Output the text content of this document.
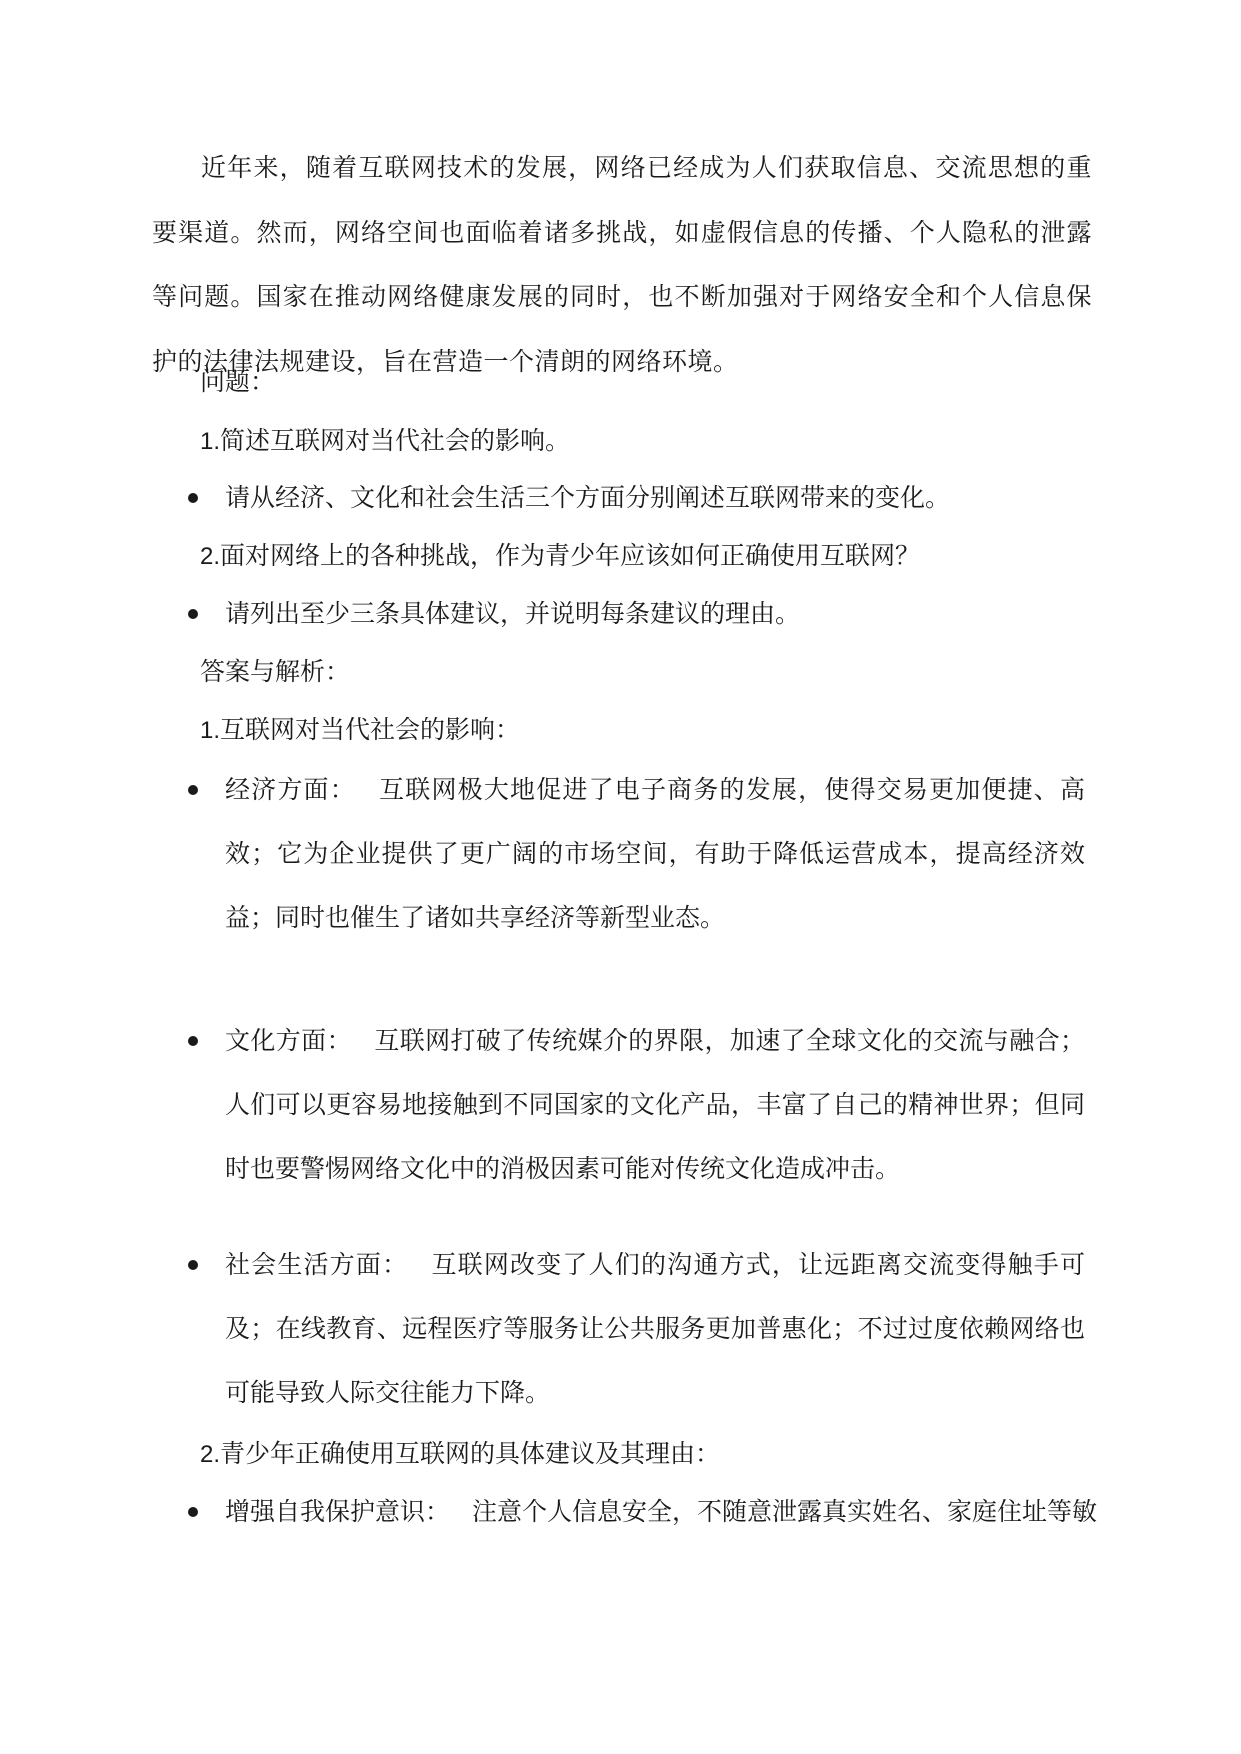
近年来，随着互联网技术的发展，网络已经成为人们获取信息、交流思想的重要渠道。然而，网络空间也面临着诸多挑战，如虚假信息的传播、个人隐私的泄露等问题。国家在推动网络健康发展的同时，也不断加强对于网络安全和个人信息保护的法律法规建设，旨在营造一个清朗的网络环境。

问题：

1.简述互联网对当代社会的影响。

请从经济、文化和社会生活三个方面分别阐述互联网带来的变化。

2.面对网络上的各种挑战，作为青少年应该如何正确使用互联网？

请列出至少三条具体建议，并说明每条建议的理由。

答案与解析：

1.互联网对当代社会的影响：

经济方面： 互联网极大地促进了电子商务的发展，使得交易更加便捷、高效；它为企业提供了更广阔的市场空间，有助于降低运营成本，提高经济效益；同时也催生了诸如共享经济等新型业态。

文化方面： 互联网打破了传统媒介的界限，加速了全球文化的交流与融合；人们可以更容易地接触到不同国家的文化产品，丰富了自己的精神世界；但同时也要警惕网络文化中的消极因素可能对传统文化造成冲击。

社会生活方面： 互联网改变了人们的沟通方式，让远距离交流变得触手可及；在线教育、远程医疗等服务让公共服务更加普惠化；不过过度依赖网络也可能导致人际交往能力下降。

2.青少年正确使用互联网的具体建议及其理由：

增强自我保护意识： 注意个人信息安全，不随意泄露真实姓名、家庭住址等敏
